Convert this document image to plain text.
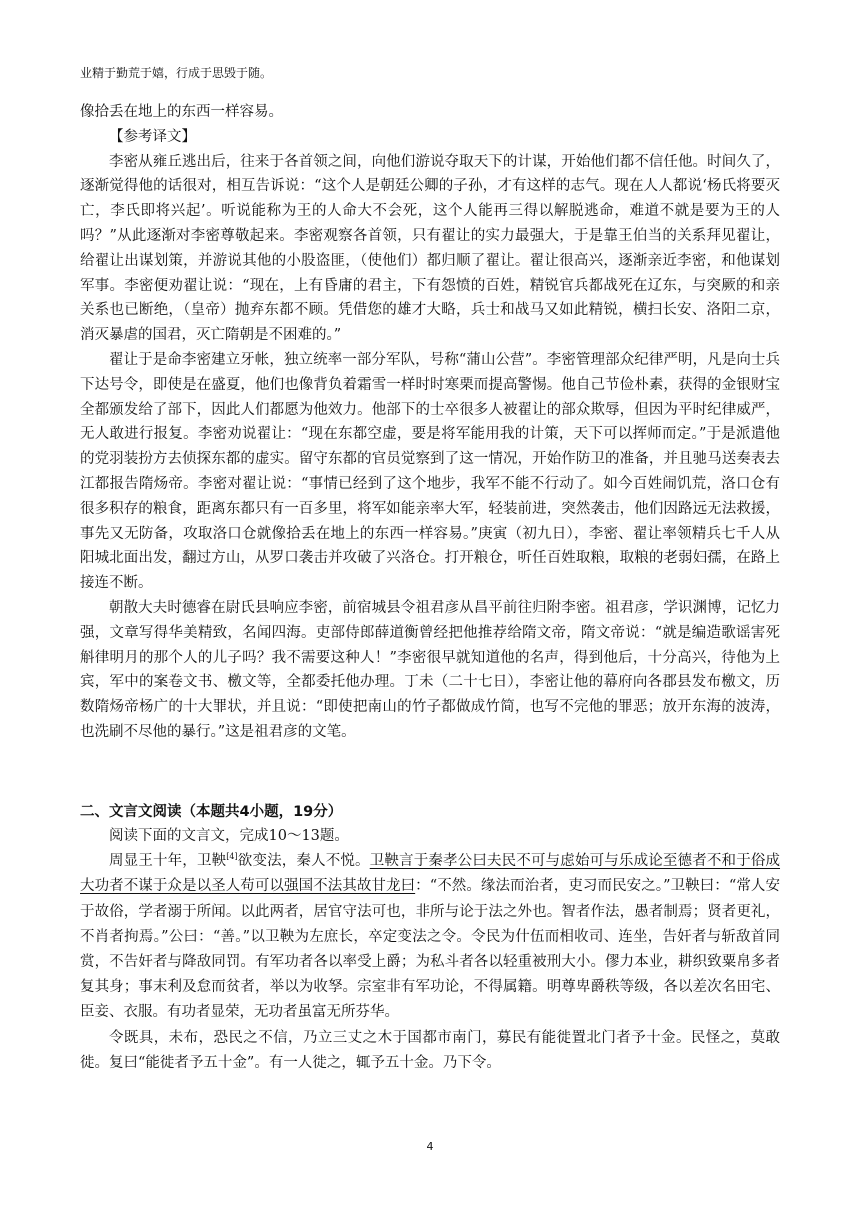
业精于勤荒于嬉，行成于思毁于随。

像拾丢在地上的东西一样容易。

【参考译文】

李密从雍丘逃出后，往来于各首领之间，向他们游说夺取天下的计谋，开始他们都不信任他。时间久了，逐渐觉得他的话很对，相互告诉说：“这个人是朝廷公卿的子孙，才有这样的志气。现在人人都说‘杨氏将要灭亡，李氏即将兴起’。听说能称为王的人命大不会死，这个人能再三得以解脱逃命，难道不就是要为王的人吗？”从此逐渐对李密尊敬起来。李密观察各首领，只有翟让的实力最强大，于是靠王伯当的关系拜见翟让，给翟让出谋划策，并游说其他的小股盗匪，（使他们）都归顺了翟让。翟让很高兴，逐渐亲近李密，和他谋划军事。李密便劝翟让说：“现在，上有昏庸的君主，下有怨愤的百姓，精锐官兵都战死在辽东，与突厥的和亲关系也已断绝，（皇帝）抛弃东都不顾。凭借您的雄才大略，兵士和战马又如此精锐，横扫长安、洛阳二京，消灭暴虐的国君，灭亡隋朝是不困难的。”

翟让于是命李密建立牙帐，独立统率一部分军队，号称“蒲山公营”。李密管理部众纪律严明，凡是向士兵下达号令，即使是在盛夏，他们也像背负着霜雪一样时时寒栗而提高警惕。他自己节俭朴素，获得的金银财宝全都颁发给了部下，因此人们都愿为他效力。他部下的士卒很多人被翟让的部众欺辱，但因为平时纪律威严，无人敢进行报复。李密劝说翟让：“现在东都空虚，要是将军能用我的计策，天下可以挥师而定。”于是派遣他的党羽装扮方去侦探东都的虚实。留守东都的官员觉察到了这一情况，开始作防卫的准备，并且驰马送奏表去江都报告隋炀帝。李密对翟让说：“事情已经到了这个地步，我军不能不行动了。如今百姓闹饥荒，洛口仓有很多积存的粮食，距离东都只有一百多里，将军如能亲率大军，轻装前进，突然袭击，他们因路远无法救援，事先又无防备，攻取洛口仓就像拾丢在地上的东西一样容易。”庚寅（初九日），李密、翟让率领精兵七千人从阳城北面出发，翻过方山，从罗口袭击并攻破了兴洛仓。打开粮仓，听任百姓取粮，取粮的老弱妇孺，在路上接连不断。

朝散大夫时德睿在尉氏县响应李密，前宿城县令祖君彦从昌平前往归附李密。祖君彦，学识渊博，记忆力强，文章写得华美精致，名闻四海。吏部侍郎薛道衡曾经把他推荐给隋文帝，隋文帝说：“就是编造歌谣害死斛律明月的那个人的儿子吗？我不需要这种人！”李密很早就知道他的名声，得到他后，十分高兴，待他为上宾，军中的案卷文书、檄文等，全都委托他办理。丁未（二十七日），李密让他的幕府向各郡县发布檄文，历数隋炀帝杨广的十大罪状，并且说：“即使把南山的竹子都做成竹简，也写不完他的罪恶；放开东海的波涛，也洗刷不尽他的暴行。”这是祖君彦的文笔。

二、文言文阅读（本题共4小题，19分）

阅读下面的文言文，完成10～13题。

周显王十年，卫鞅[4]欲变法，秦人不悦。卫鞅言于秦孝公曰夫民不可与虑始可与乐成论至德者不和于俗成大功者不谋于众是以圣人苟可以强国不法其故甘龙曰：“不然。缘法而治者，吏习而民安之。”卫鞅曰：“常人安于故俗，学者溺于所闻。以此两者，居官守法可也，非所与论于法之外也。智者作法，愚者制焉；贤者更礼，不肖者拘焉。”公曰：“善。”以卫鞅为左庶长，卒定变法之令。令民为什伍而相收司、连坐，告奸者与斩敌首同赏，不告奸者与降敌同罚。有军功者各以率受上爵；为私斗者各以轻重被刑大小。僇力本业，耕织致粟帛多者复其身；事末利及怠而贫者，举以为收孥。宗室非有军功论，不得属籍。明尊卑爵秩等级，各以差次名田宅、臣妾、衣服。有功者显荣，无功者虽富无所芬华。

令既具，未布，恐民之不信，乃立三丈之木于国都市南门，募民有能徙置北门者予十金。民怪之，莫敢徙。复曰“能徙者予五十金”。有一人徙之，辄予五十金。乃下令。

4
